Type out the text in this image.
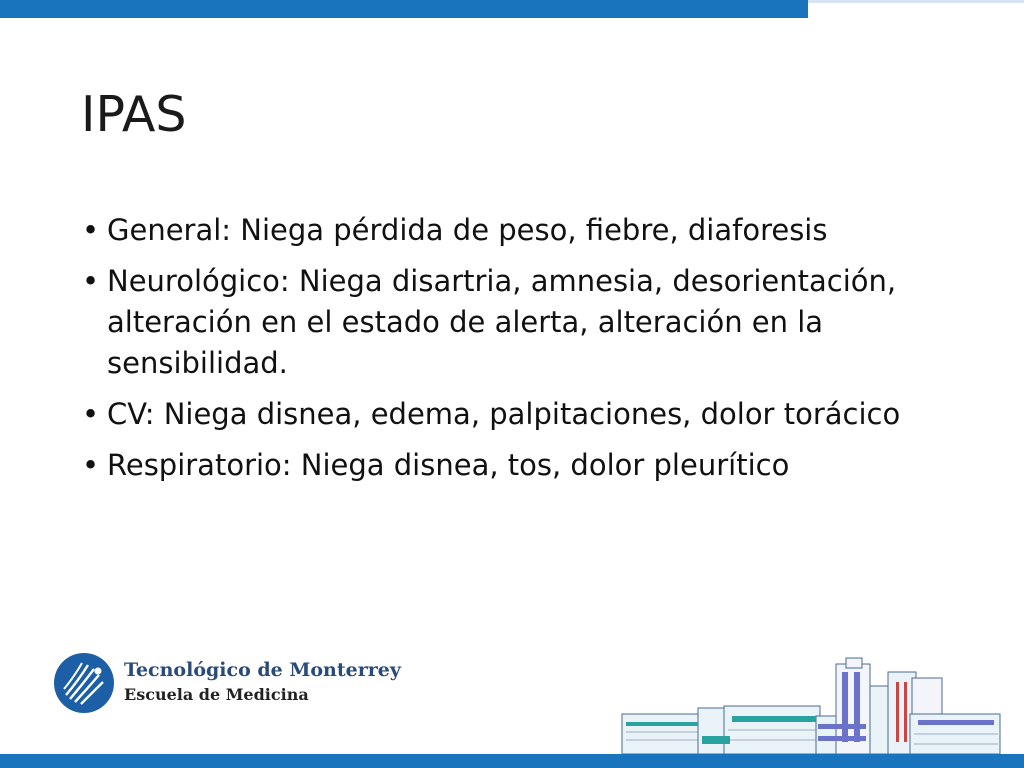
IPAS
• General: Niega pérdida de peso, fiebre, diaforesis
• Neurológico: Niega disartria, amnesia, desorientación, alteración en el estado de alerta, alteración en la sensibilidad.
• CV: Niega disnea, edema, palpitaciones, dolor torácico
• Respiratorio: Niega disnea, tos, dolor pleurítico
Tecnológico de Monterrey
Escuela de Medicina
